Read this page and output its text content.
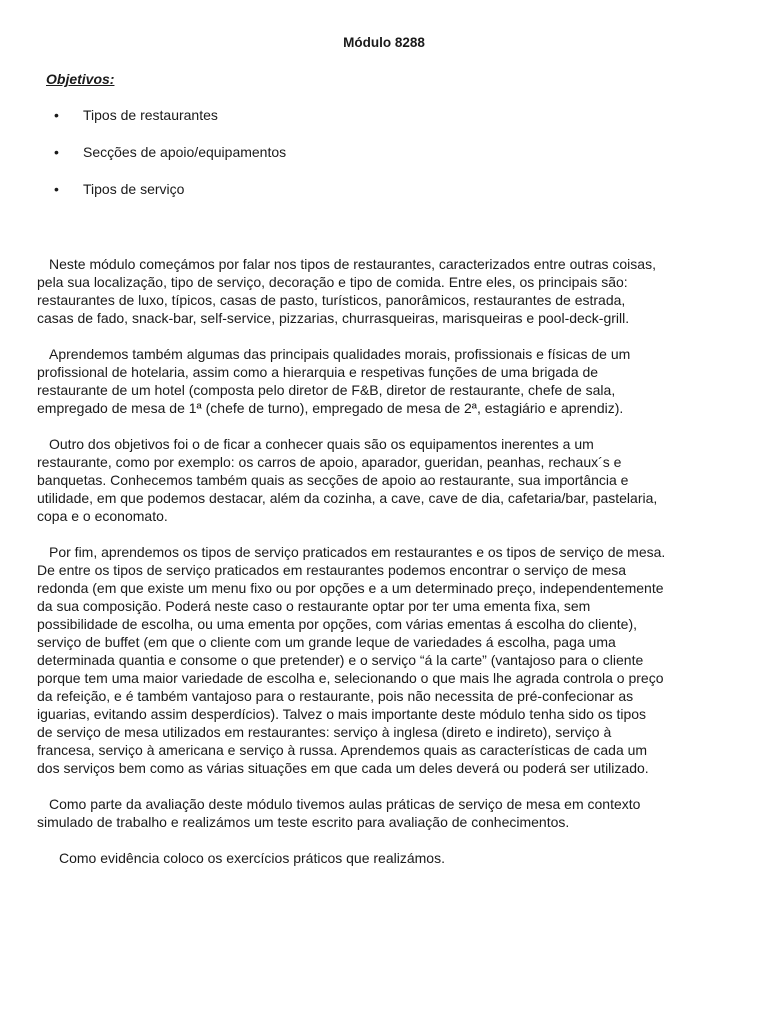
Módulo 8288
Objetivos:
•	Tipos de restaurantes
•	Secções de apoio/equipamentos
•	Tipos de serviço

Neste módulo começámos por falar nos tipos de restaurantes, caracterizados entre outras coisas,
pela sua localização, tipo de serviço, decoração e tipo de comida. Entre eles, os principais são:
restaurantes de luxo, típicos, casas de pasto, turísticos, panorâmicos, restaurantes de estrada,
casas de fado, snack-bar, self-service, pizzarias, churrasqueiras, marisqueiras e pool-deck-grill.

Aprendemos também algumas das principais qualidades morais, profissionais e físicas de um
profissional de hotelaria, assim como a hierarquia e respetivas funções de uma brigada de
restaurante de um hotel (composta pelo diretor de F&B, diretor de restaurante, chefe de sala,
empregado de mesa de 1ª (chefe de turno), empregado de mesa de 2ª, estagiário e aprendiz).

Outro dos objetivos foi o de ficar a conhecer quais são os equipamentos inerentes a um
restaurante, como por exemplo: os carros de apoio, aparador, gueridan, peanhas, rechaux´s e
banquetas. Conhecemos também quais as secções de apoio ao restaurante, sua importância e
utilidade, em que podemos destacar, além da cozinha, a cave, cave de dia, cafetaria/bar, pastelaria,
copa e o economato.

Por fim, aprendemos os tipos de serviço praticados em restaurantes e os tipos de serviço de mesa.
De entre os tipos de serviço praticados em restaurantes podemos encontrar o serviço de mesa
redonda (em que existe um menu fixo ou por opções e a um determinado preço, independentemente
da sua composição. Poderá neste caso o restaurante optar por ter uma ementa fixa, sem
possibilidade de escolha, ou uma ementa por opções, com várias ementas á escolha do cliente),
serviço de buffet (em que o cliente com um grande leque de variedades á escolha, paga uma
determinada quantia e consome o que pretender) e o serviço “á la carte” (vantajoso para o cliente
porque tem uma maior variedade de escolha e, selecionando o que mais lhe agrada controla o preço
da refeição, e é também vantajoso para o restaurante, pois não necessita de pré-confecionar as
iguarias, evitando assim desperdícios). Talvez o mais importante deste módulo tenha sido os tipos
de serviço de mesa utilizados em restaurantes: serviço à inglesa (direto e indireto), serviço à
francesa, serviço à americana e serviço à russa. Aprendemos quais as características de cada um
dos serviços bem como as várias situações em que cada um deles deverá ou poderá ser utilizado.

Como parte da avaliação deste módulo tivemos aulas práticas de serviço de mesa em contexto
simulado de trabalho e realizámos um teste escrito para avaliação de conhecimentos.

Como evidência coloco os exercícios práticos que realizámos.
